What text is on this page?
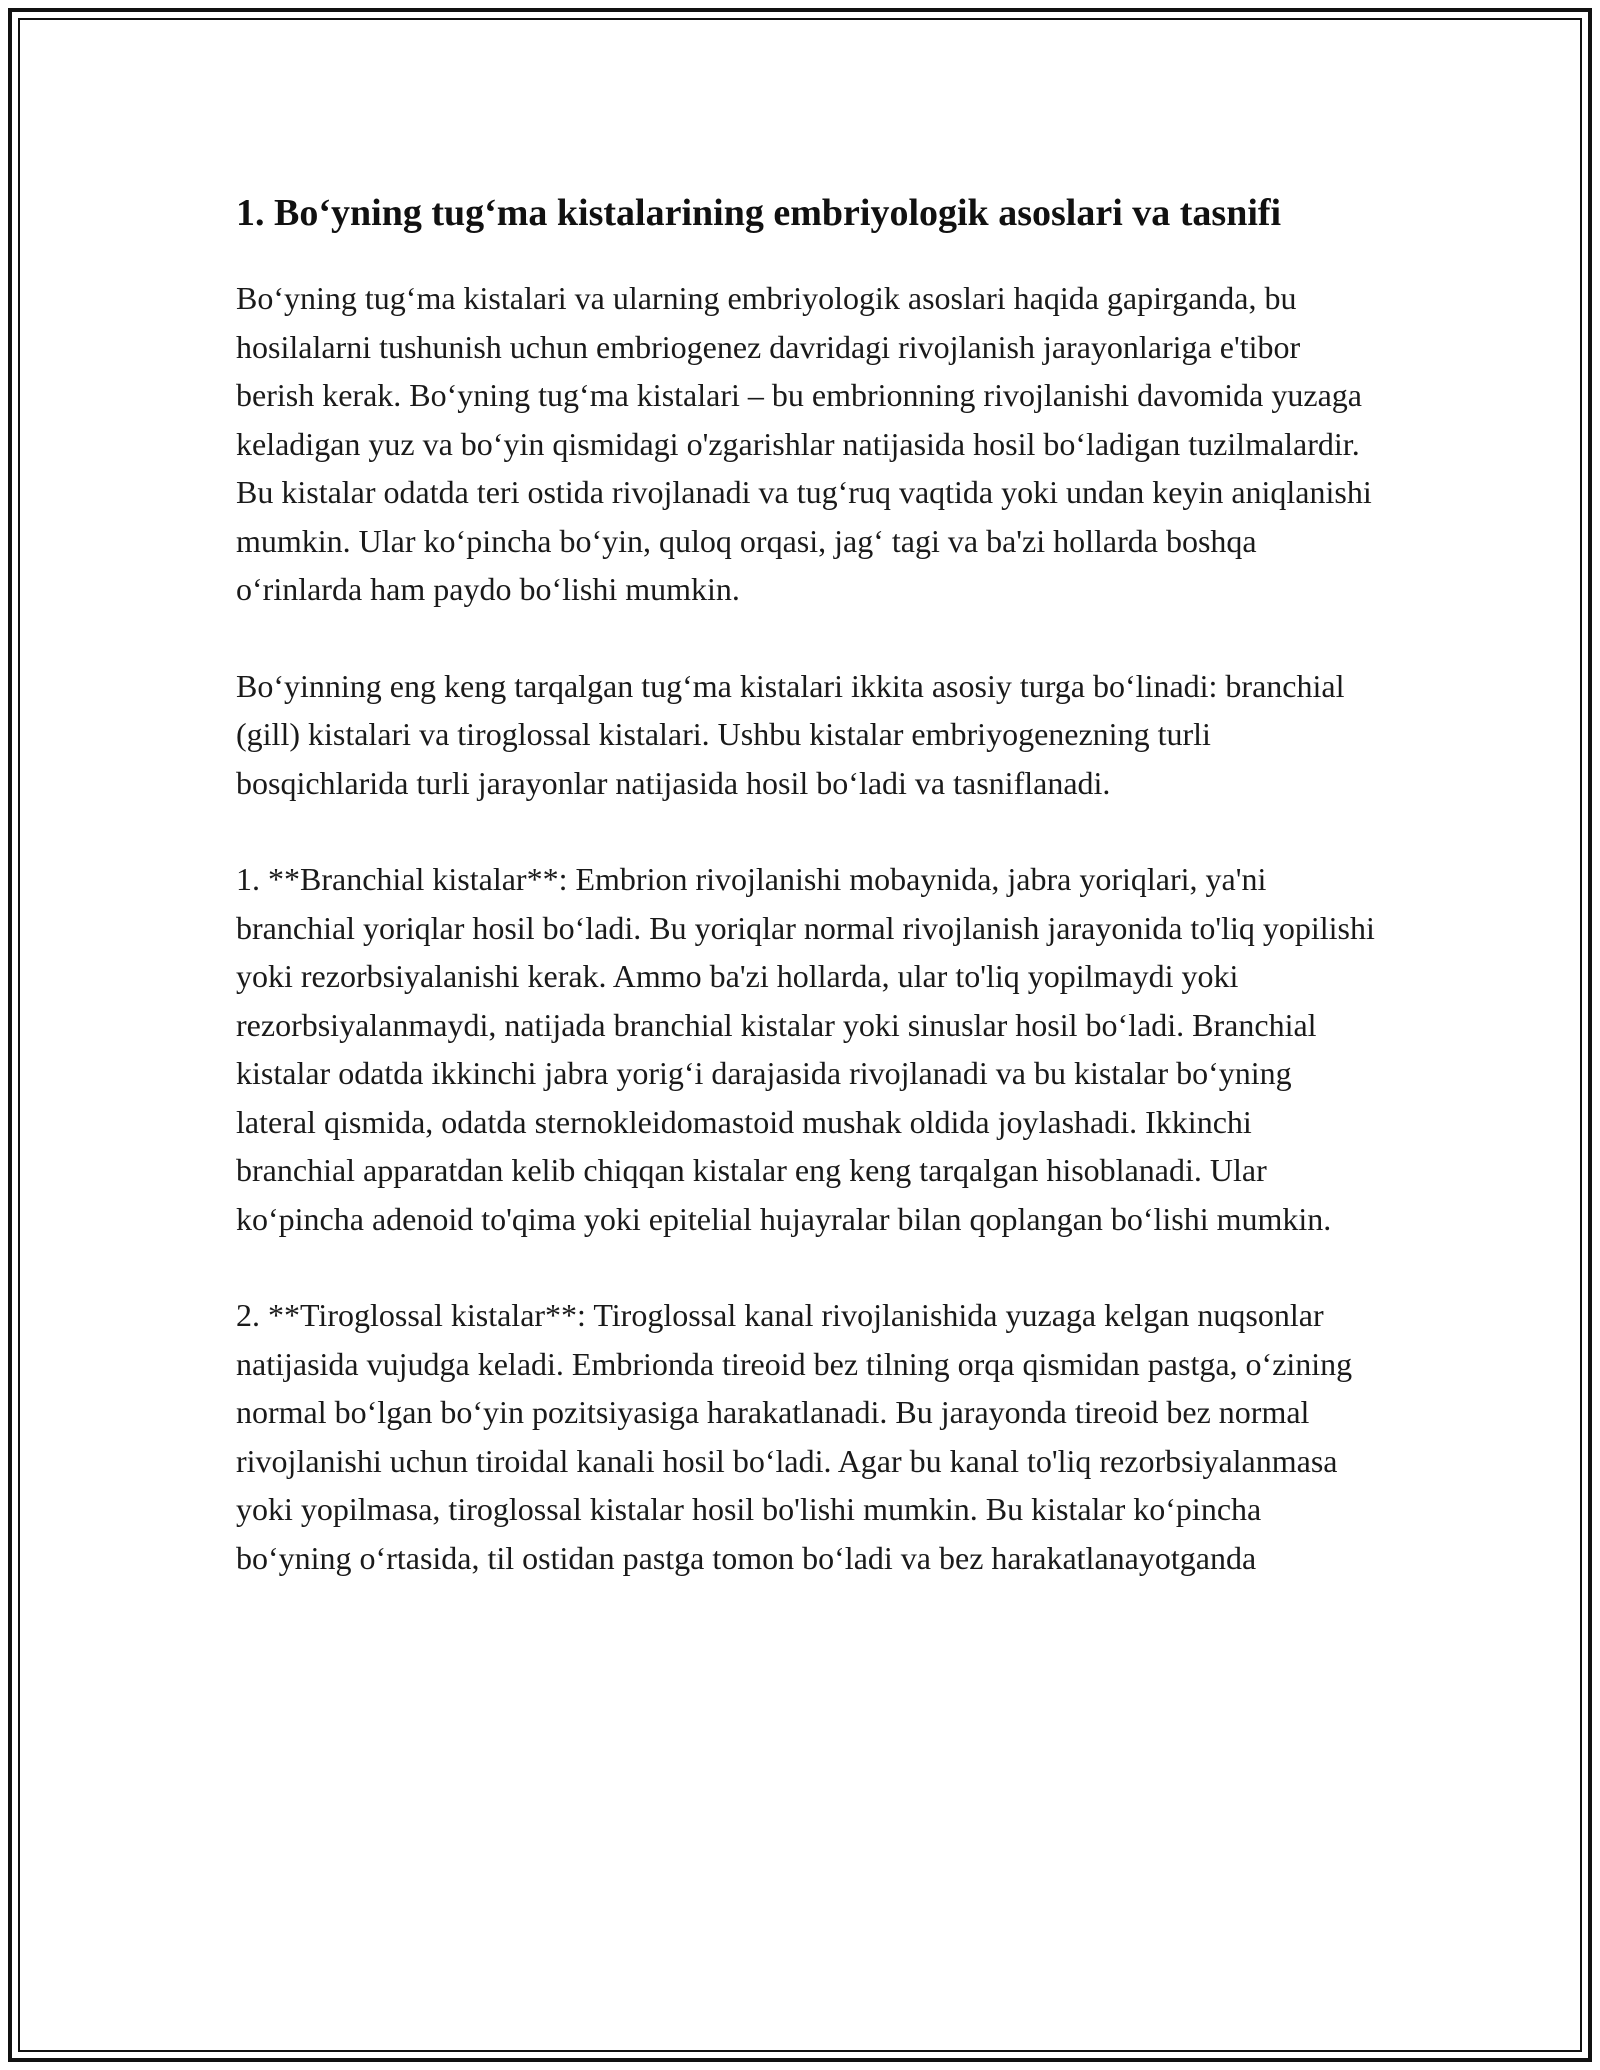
1. Bo‘yning tug‘ma kistalarining embriyologik asoslari va tasnifi

Bo‘yning tug‘ma kistalari va ularning embriyologik asoslari haqida gapirganda, bu hosilalarni tushunish uchun embriogenez davridagi rivojlanish jarayonlariga e'tibor berish kerak. Bo‘yning tug‘ma kistalari – bu embrionning rivojlanishi davomida yuzaga keladigan yuz va bo‘yin qismidagi o'zgarishlar natijasida hosil bo‘ladigan tuzilmalardir. Bu kistalar odatda teri ostida rivojlanadi va tug‘ruq vaqtida yoki undan keyin aniqlanishi mumkin. Ular ko‘pincha bo‘yin, quloq orqasi, jag‘ tagi va ba'zi hollarda boshqa o‘rinlarda ham paydo bo‘lishi mumkin.

Bo‘yinning eng keng tarqalgan tug‘ma kistalari ikkita asosiy turga bo‘linadi: branchial (gill) kistalari va tiroglossal kistalari. Ushbu kistalar embriyogenezning turli bosqichlarida turli jarayonlar natijasida hosil bo‘ladi va tasniflanadi.

1. **Branchial kistalar**: Embrion rivojlanishi mobaynida, jabra yoriqlari, ya'ni branchial yoriqlar hosil bo‘ladi. Bu yoriqlar normal rivojlanish jarayonida to'liq yopilishi yoki rezorbsiyalanishi kerak. Ammo ba'zi hollarda, ular to'liq yopilmaydi yoki rezorbsiyalanmaydi, natijada branchial kistalar yoki sinuslar hosil bo‘ladi. Branchial kistalar odatda ikkinchi jabra yorig‘i darajasida rivojlanadi va bu kistalar bo‘yning lateral qismida, odatda sternokleidomastoid mushak oldida joylashadi. Ikkinchi branchial apparatdan kelib chiqqan kistalar eng keng tarqalgan hisoblanadi. Ular ko‘pincha adenoid to'qima yoki epitelial hujayralar bilan qoplangan bo‘lishi mumkin.

2. **Tiroglossal kistalar**: Tiroglossal kanal rivojlanishida yuzaga kelgan nuqsonlar natijasida vujudga keladi. Embrionda tireoid bez tilning orqa qismidan pastga, o‘zining normal bo‘lgan bo‘yin pozitsiyasiga harakatlanadi. Bu jarayonda tireoid bez normal rivojlanishi uchun tiroidal kanali hosil bo‘ladi. Agar bu kanal to'liq rezorbsiyalanmasa yoki yopilmasa, tiroglossal kistalar hosil bo'lishi mumkin. Bu kistalar ko‘pincha bo‘yning o‘rtasida, til ostidan pastga tomon bo‘ladi va bez harakatlanayotganda
